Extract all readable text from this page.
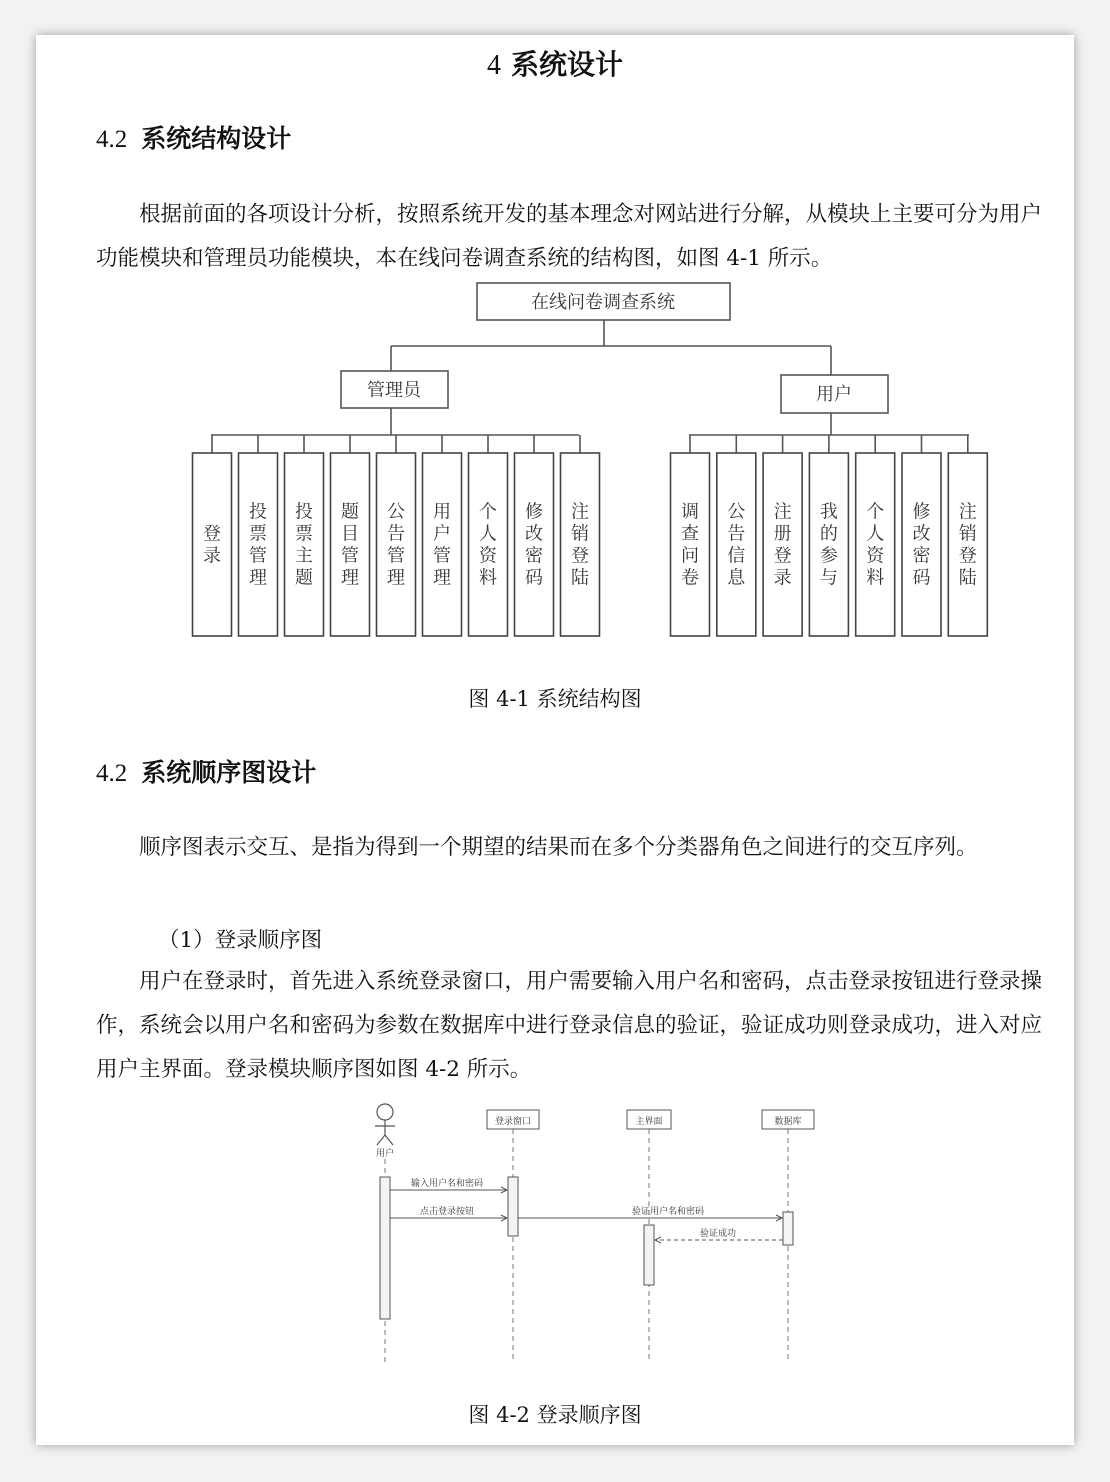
4 系统设计
4.2 系统结构设计
根据前面的各项设计分析，按照系统开发的基本理念对网站进行分解，从模块上主要可分为用户功能模块和管理员功能模块，本在线问卷调查系统的结构图，如图 4-1 所示。
在线问卷调查系统
管理员	用户
登录
投票管理
投票主题
题目管理
公告管理
用户管理
个人资料
修改密码
注销登陆
调查问卷
公告信息
注册登录
我的参与
个人资料
修改密码
注销登陆
图 4-1 系统结构图
4.2 系统顺序图设计
顺序图表示交互、是指为得到一个期望的结果而在多个分类器角色之间进行的交互序列。
（1）登录顺序图
用户在登录时，首先进入系统登录窗口，用户需要输入用户名和密码，点击登录按钮进行登录操作，系统会以用户名和密码为参数在数据库中进行登录信息的验证，验证成功则登录成功，进入对应用户主界面。登录模块顺序图如图 4-2 所示。
用户
登录窗口	主界面	数据库
输入用户名和密码
点击登录按钮	验证用户名和密码
验证成功
图 4-2 登录顺序图
